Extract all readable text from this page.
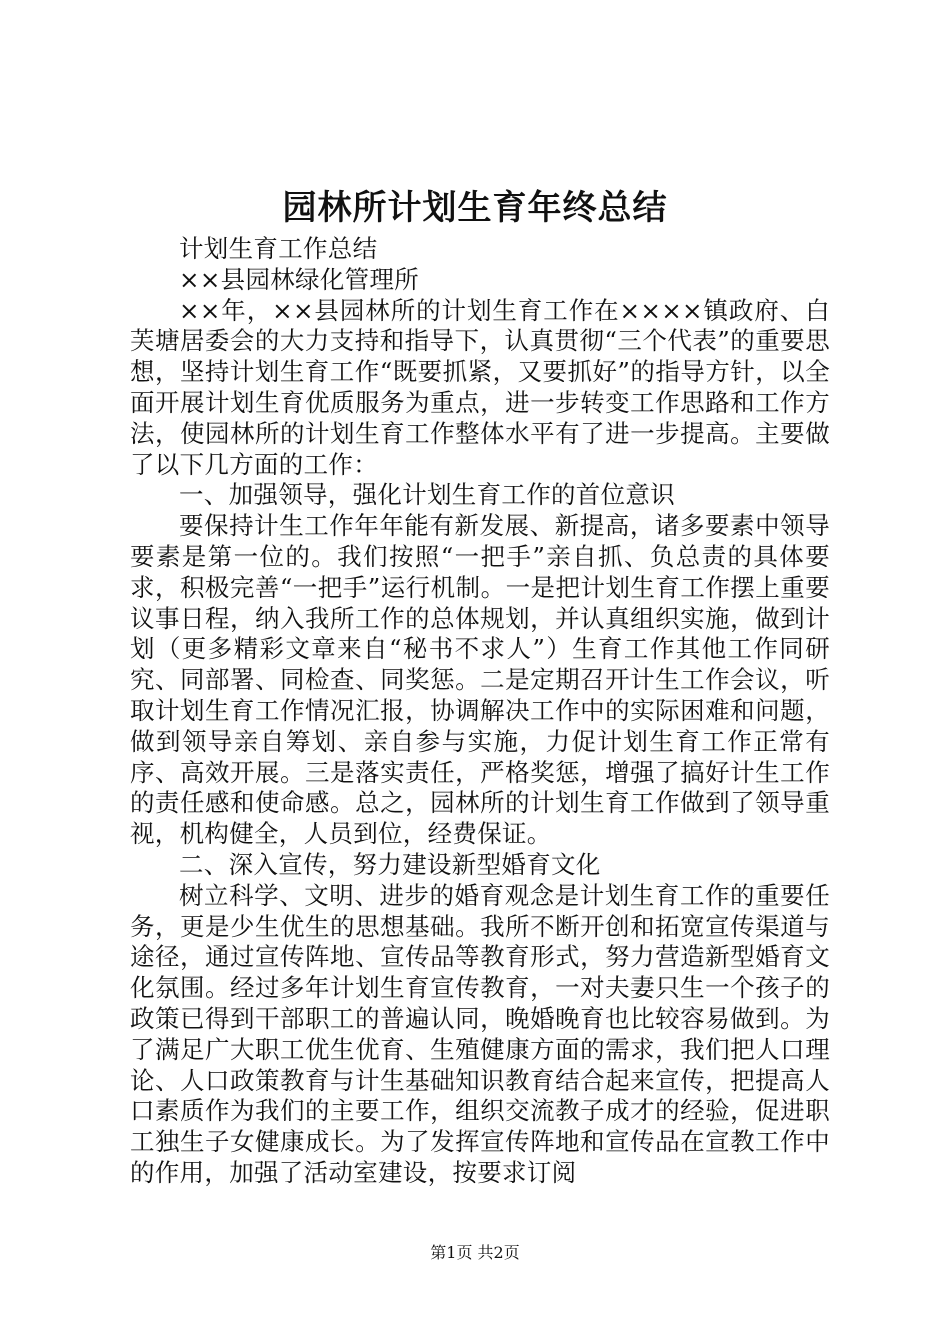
园林所计划生育年终总结

计划生育工作总结

××县园林绿化管理所

××年，××县园林所的计划生育工作在××××镇政府、白芙塘居委会的大力支持和指导下，认真贯彻“三个代表”的重要思想，坚持计划生育工作“既要抓紧，又要抓好”的指导方针，以全面开展计划生育优质服务为重点，进一步转变工作思路和工作方法，使园林所的计划生育工作整体水平有了进一步提高。主要做了以下几方面的工作：

一、加强领导，强化计划生育工作的首位意识

要保持计生工作年年能有新发展、新提高，诸多要素中领导要素是第一位的。我们按照“一把手”亲自抓、负总责的具体要求，积极完善“一把手”运行机制。一是把计划生育工作摆上重要议事日程，纳入我所工作的总体规划，并认真组织实施，做到计划（更多精彩文章来自“秘书不求人”）生育工作其他工作同研究、同部署、同检查、同奖惩。二是定期召开计生工作会议，听取计划生育工作情况汇报，协调解决工作中的实际困难和问题，做到领导亲自筹划、亲自参与实施，力促计划生育工作正常有序、高效开展。三是落实责任，严格奖惩，增强了搞好计生工作的责任感和使命感。总之，园林所的计划生育工作做到了领导重视，机构健全，人员到位，经费保证。

二、深入宣传，努力建设新型婚育文化

树立科学、文明、进步的婚育观念是计划生育工作的重要任务，更是少生优生的思想基础。我所不断开创和拓宽宣传渠道与途径，通过宣传阵地、宣传品等教育形式，努力营造新型婚育文化氛围。经过多年计划生育宣传教育，一对夫妻只生一个孩子的政策已得到干部职工的普遍认同，晚婚晚育也比较容易做到。为了满足广大职工优生优育、生殖健康方面的需求，我们把人口理论、人口政策教育与计生基础知识教育结合起来宣传，把提高人口素质作为我们的主要工作，组织交流教子成才的经验，促进职工独生子女健康成长。为了发挥宣传阵地和宣传品在宣教工作中的作用，加强了活动室建设，按要求订阅

第1页 共2页
